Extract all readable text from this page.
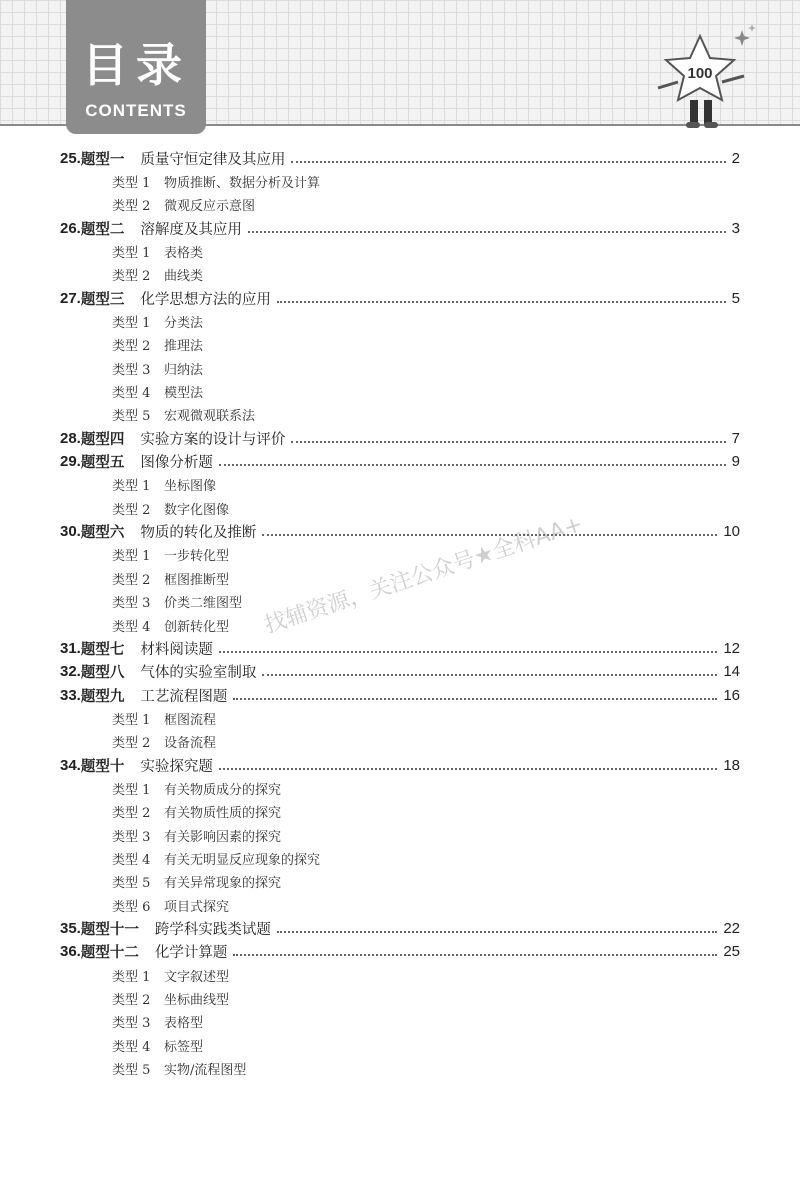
目录
CONTENTS
100
找辅资源，关注公众号★全科AA+
25. 题型一 质量守恒定律及其应用	2
类型 1	物质推断、数据分析及计算
类型 2	微观反应示意图
26. 题型二 溶解度及其应用	3
类型 1	表格类
类型 2	曲线类
27. 题型三 化学思想方法的应用	5
类型 1	分类法
类型 2	推理法
类型 3	归纳法
类型 4	模型法
类型 5	宏观微观联系法
28. 题型四 实验方案的设计与评价	7
29. 题型五 图像分析题	9
类型 1	坐标图像
类型 2	数字化图像
30. 题型六 物质的转化及推断	10
类型 1	一步转化型
类型 2	框图推断型
类型 3	价类二维图型
类型 4	创新转化型
31. 题型七 材料阅读题	12
32. 题型八 气体的实验室制取	14
33. 题型九 工艺流程图题	16
类型 1	框图流程
类型 2	设备流程
34. 题型十 实验探究题	18
类型 1	有关物质成分的探究
类型 2	有关物质性质的探究
类型 3	有关影响因素的探究
类型 4	有关无明显反应现象的探究
类型 5	有关异常现象的探究
类型 6	项目式探究
35. 题型十一 跨学科实践类试题	22
36. 题型十二 化学计算题	25
类型 1	文字叙述型
类型 2	坐标曲线型
类型 3	表格型
类型 4	标签型
类型 5	实物/流程图型
